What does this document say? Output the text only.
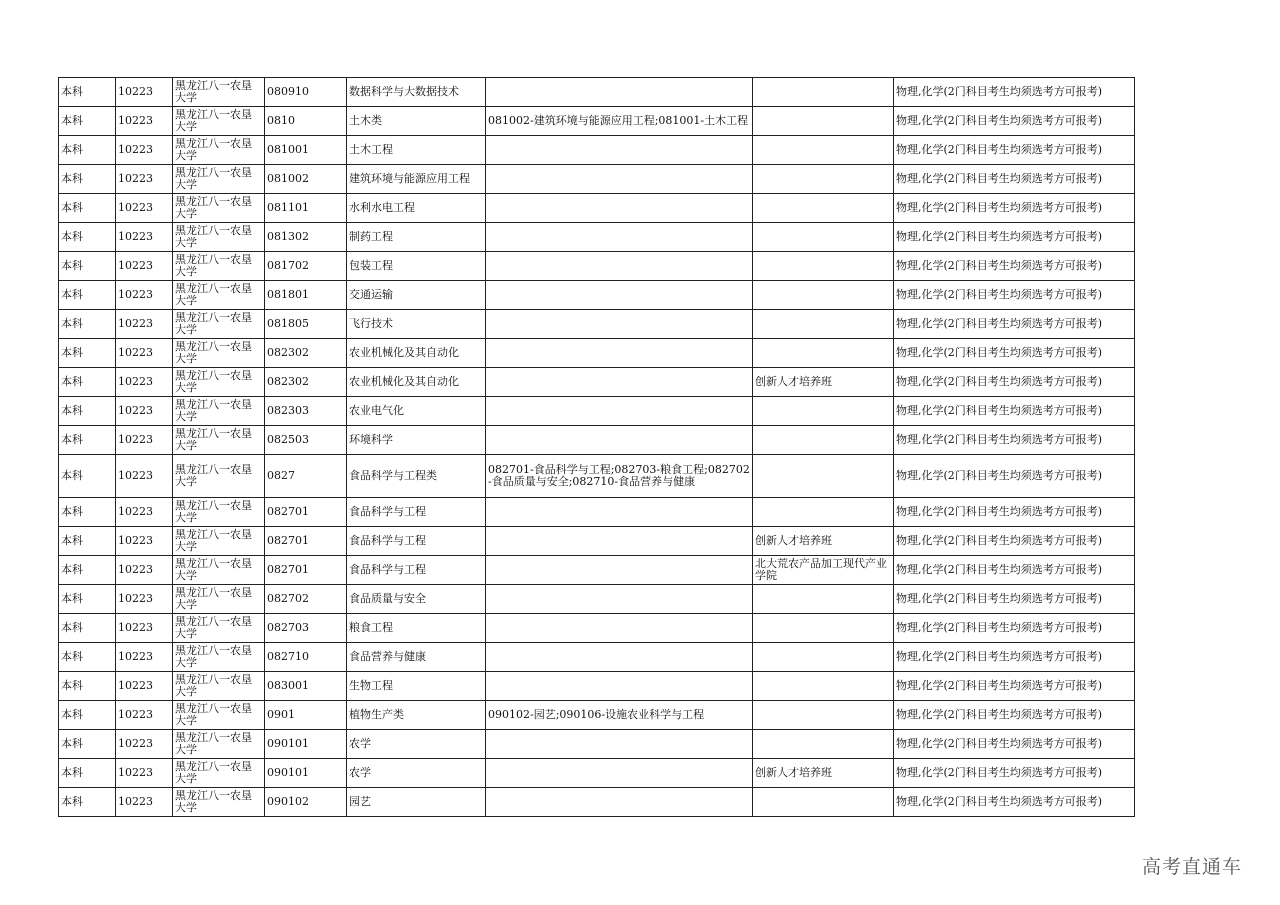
本科	10223	黑龙江八一农垦大学	080910	数据科学与大数据技术			物理,化学(2门科目考生均须选考方可报考)
本科	10223	黑龙江八一农垦大学	0810	土木类	081002-建筑环境与能源应用工程;081001-土木工程		物理,化学(2门科目考生均须选考方可报考)
本科	10223	黑龙江八一农垦大学	081001	土木工程			物理,化学(2门科目考生均须选考方可报考)
本科	10223	黑龙江八一农垦大学	081002	建筑环境与能源应用工程			物理,化学(2门科目考生均须选考方可报考)
本科	10223	黑龙江八一农垦大学	081101	水利水电工程			物理,化学(2门科目考生均须选考方可报考)
本科	10223	黑龙江八一农垦大学	081302	制药工程			物理,化学(2门科目考生均须选考方可报考)
本科	10223	黑龙江八一农垦大学	081702	包装工程			物理,化学(2门科目考生均须选考方可报考)
本科	10223	黑龙江八一农垦大学	081801	交通运输			物理,化学(2门科目考生均须选考方可报考)
本科	10223	黑龙江八一农垦大学	081805	飞行技术			物理,化学(2门科目考生均须选考方可报考)
本科	10223	黑龙江八一农垦大学	082302	农业机械化及其自动化			物理,化学(2门科目考生均须选考方可报考)
本科	10223	黑龙江八一农垦大学	082302	农业机械化及其自动化		创新人才培养班	物理,化学(2门科目考生均须选考方可报考)
本科	10223	黑龙江八一农垦大学	082303	农业电气化			物理,化学(2门科目考生均须选考方可报考)
本科	10223	黑龙江八一农垦大学	082503	环境科学			物理,化学(2门科目考生均须选考方可报考)
本科	10223	黑龙江八一农垦大学	0827	食品科学与工程类	082701-食品科学与工程;082703-粮食工程;082702-食品质量与安全;082710-食品营养与健康		物理,化学(2门科目考生均须选考方可报考)
本科	10223	黑龙江八一农垦大学	082701	食品科学与工程			物理,化学(2门科目考生均须选考方可报考)
本科	10223	黑龙江八一农垦大学	082701	食品科学与工程		创新人才培养班	物理,化学(2门科目考生均须选考方可报考)
本科	10223	黑龙江八一农垦大学	082701	食品科学与工程		北大荒农产品加工现代产业学院	物理,化学(2门科目考生均须选考方可报考)
本科	10223	黑龙江八一农垦大学	082702	食品质量与安全			物理,化学(2门科目考生均须选考方可报考)
本科	10223	黑龙江八一农垦大学	082703	粮食工程			物理,化学(2门科目考生均须选考方可报考)
本科	10223	黑龙江八一农垦大学	082710	食品营养与健康			物理,化学(2门科目考生均须选考方可报考)
本科	10223	黑龙江八一农垦大学	083001	生物工程			物理,化学(2门科目考生均须选考方可报考)
本科	10223	黑龙江八一农垦大学	0901	植物生产类	090102-园艺;090106-设施农业科学与工程		物理,化学(2门科目考生均须选考方可报考)
本科	10223	黑龙江八一农垦大学	090101	农学			物理,化学(2门科目考生均须选考方可报考)
本科	10223	黑龙江八一农垦大学	090101	农学		创新人才培养班	物理,化学(2门科目考生均须选考方可报考)
本科	10223	黑龙江八一农垦大学	090102	园艺			物理,化学(2门科目考生均须选考方可报考)
高考直通车
